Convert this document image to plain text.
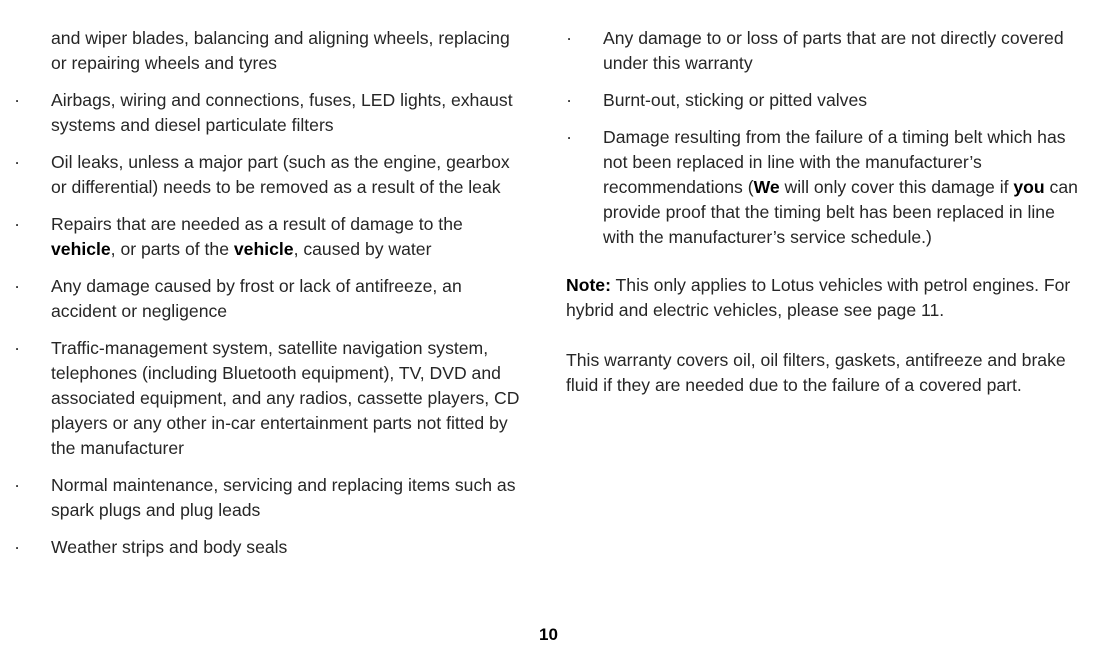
and wiper blades, balancing and aligning wheels, replacing or repairing wheels and tyres
· Airbags, wiring and connections, fuses, LED lights, exhaust systems and diesel particulate filters
· Oil leaks, unless a major part (such as the engine, gearbox or differential) needs to be removed as a result of the leak
· Repairs that are needed as a result of damage to the vehicle, or parts of the vehicle, caused by water
· Any damage caused by frost or lack of antifreeze, an accident or negligence
· Traffic-management system, satellite navigation system, telephones (including Bluetooth equipment), TV, DVD and associated equipment, and any radios, cassette players, CD players or any other in-car entertainment parts not fitted by the manufacturer
· Normal maintenance, servicing and replacing items such as spark plugs and plug leads
· Weather strips and body seals
· Any damage to or loss of parts that are not directly covered under this warranty
· Burnt-out, sticking or pitted valves
· Damage resulting from the failure of a timing belt which has not been replaced in line with the manufacturer’s recommendations (We will only cover this damage if you can provide proof that the timing belt has been replaced in line with the manufacturer’s service schedule.)

Note: This only applies to Lotus vehicles with petrol engines. For hybrid and electric vehicles, please see page 11.

This warranty covers oil, oil filters, gaskets, antifreeze and brake fluid if they are needed due to the failure of a covered part.

10
